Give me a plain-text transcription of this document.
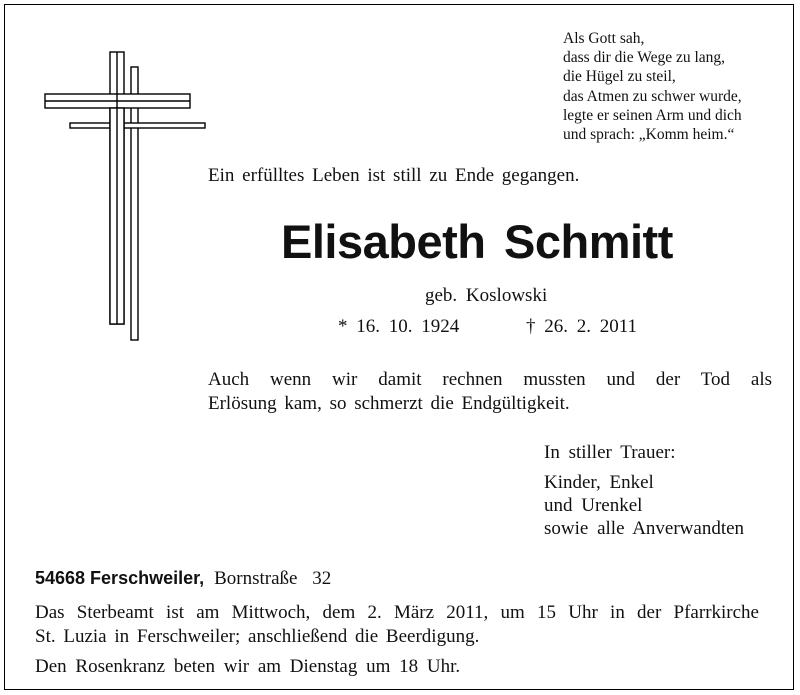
Als Gott sah,
dass dir die Wege zu lang,
die Hügel zu steil,
das Atmen zu schwer wurde,
legte er seinen Arm und dich
und sprach: „Komm heim.“
Ein erfülltes Leben ist still zu Ende gegangen.
Elisabeth Schmitt
geb. Koslowski
* 16. 10. 1924	† 26. 2. 2011
Auch wenn wir damit rechnen mussten und der Tod als
Erlösung kam, so schmerzt die Endgültigkeit.
In stiller Trauer:
Kinder, Enkel
und Urenkel
sowie alle Anverwandten
54668 Ferschweiler, Bornstraße 32
Das Sterbeamt ist am Mittwoch, dem 2. März 2011, um 15 Uhr in der Pfarrkirche
St. Luzia in Ferschweiler; anschließend die Beerdigung.
Den Rosenkranz beten wir am Dienstag um 18 Uhr.
